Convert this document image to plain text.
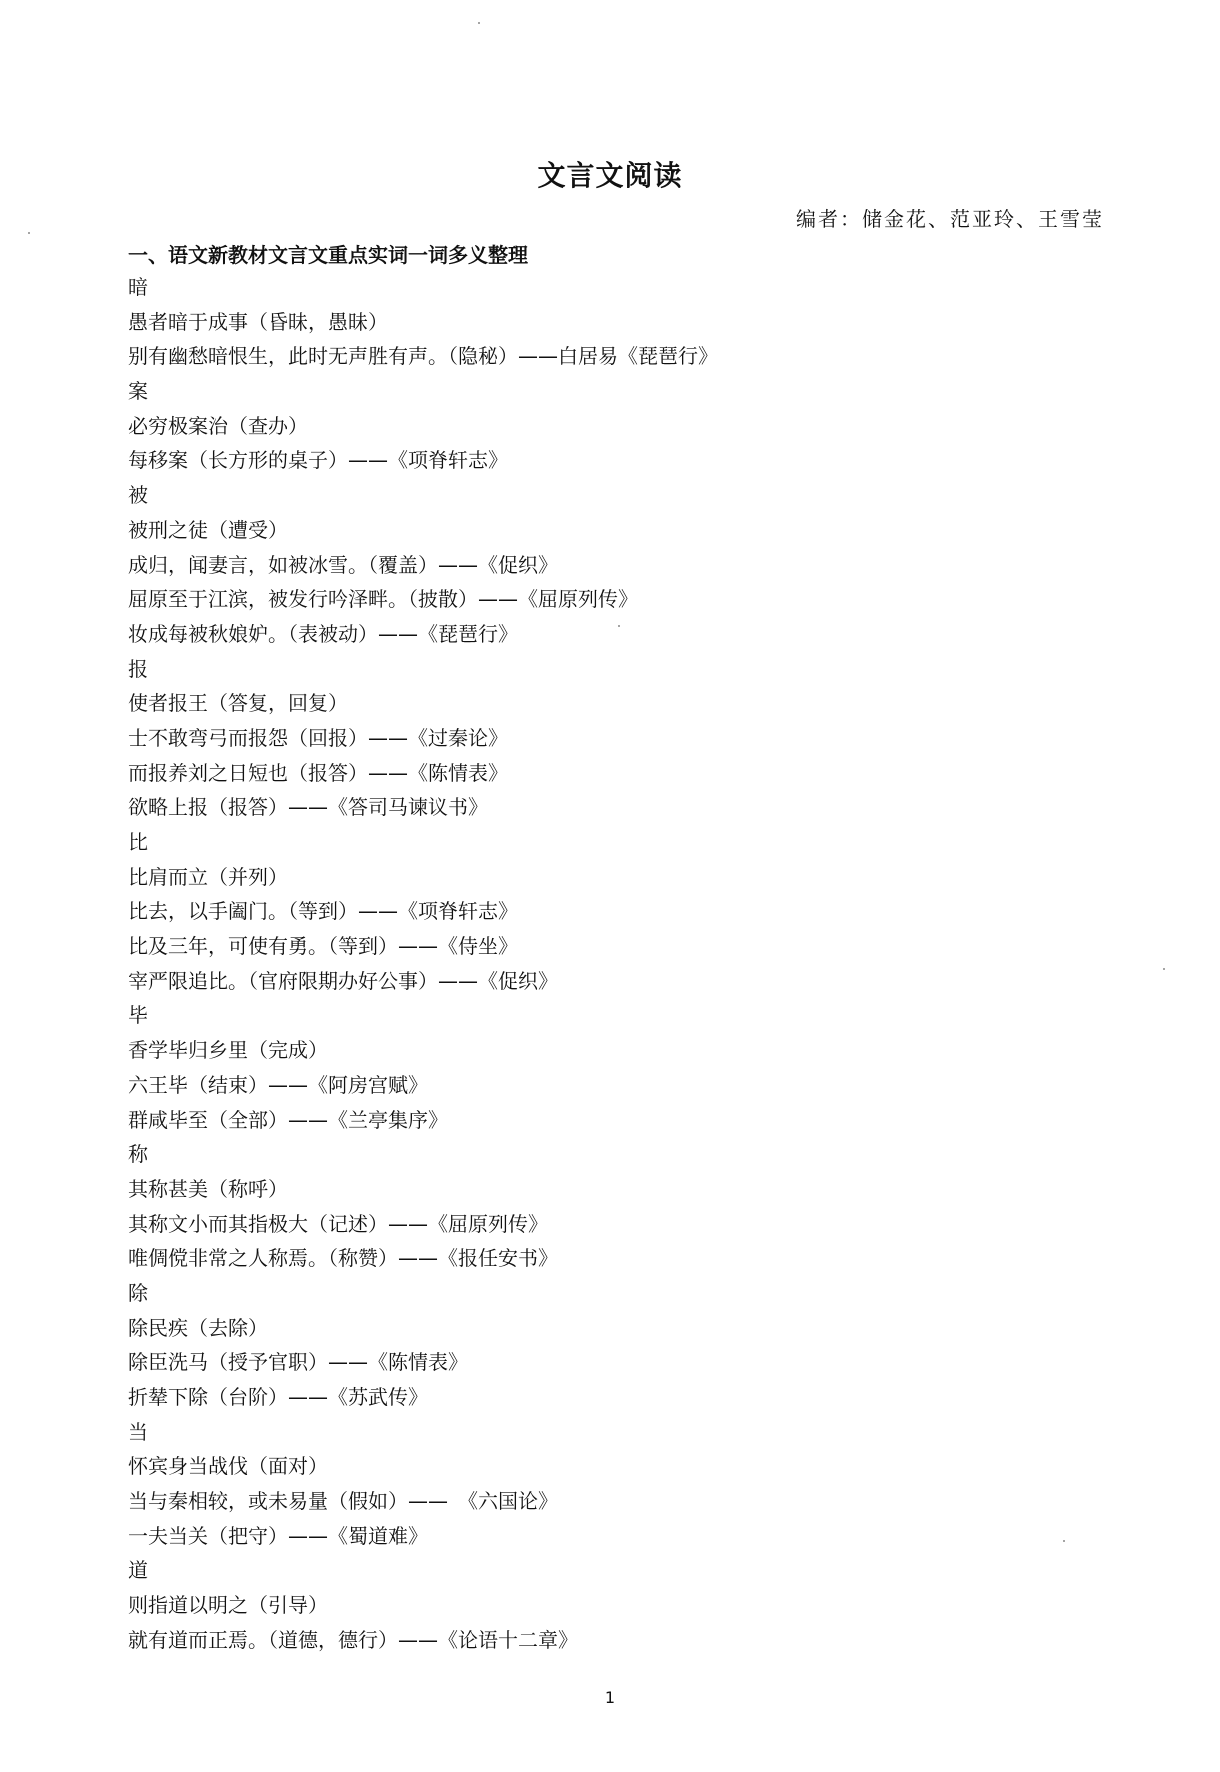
文言文阅读
编者：储金花、范亚玲、王雪莹
一、语文新教材文言文重点实词一词多义整理
暗
愚者暗于成事（昏昧，愚昧）
别有幽愁暗恨生，此时无声胜有声。（隐秘）——白居易《琵琶行》
案
必穷极案治（查办）
每移案（长方形的桌子）——《项脊轩志》
被
被刑之徒（遭受）
成归，闻妻言，如被冰雪。（覆盖）——《促织》
屈原至于江滨，被发行吟泽畔。（披散）——《屈原列传》
妆成每被秋娘妒。（表被动）——《琵琶行》
报
使者报王（答复，回复）
士不敢弯弓而报怨（回报）——《过秦论》
而报养刘之日短也（报答）——《陈情表》
欲略上报（报答）——《答司马谏议书》
比
比肩而立（并列）
比去，以手阖门。（等到）——《项脊轩志》
比及三年，可使有勇。（等到）——《侍坐》
宰严限追比。（官府限期办好公事）——《促织》
毕
香学毕归乡里（完成）
六王毕（结束）——《阿房宫赋》
群咸毕至（全部）——《兰亭集序》
称
其称甚美（称呼）
其称文小而其指极大（记述）——《屈原列传》
唯倜傥非常之人称焉。（称赞）——《报任安书》
除
除民疾（去除）
除臣洗马（授予官职）——《陈情表》
折辇下除（台阶）——《苏武传》
当
怀宾身当战伐（面对）
当与秦相较，或未易量（假如）——　《六国论》
一夫当关（把守）——《蜀道难》
道
则指道以明之（引导）
就有道而正焉。（道德，德行）——《论语十二章》
1
